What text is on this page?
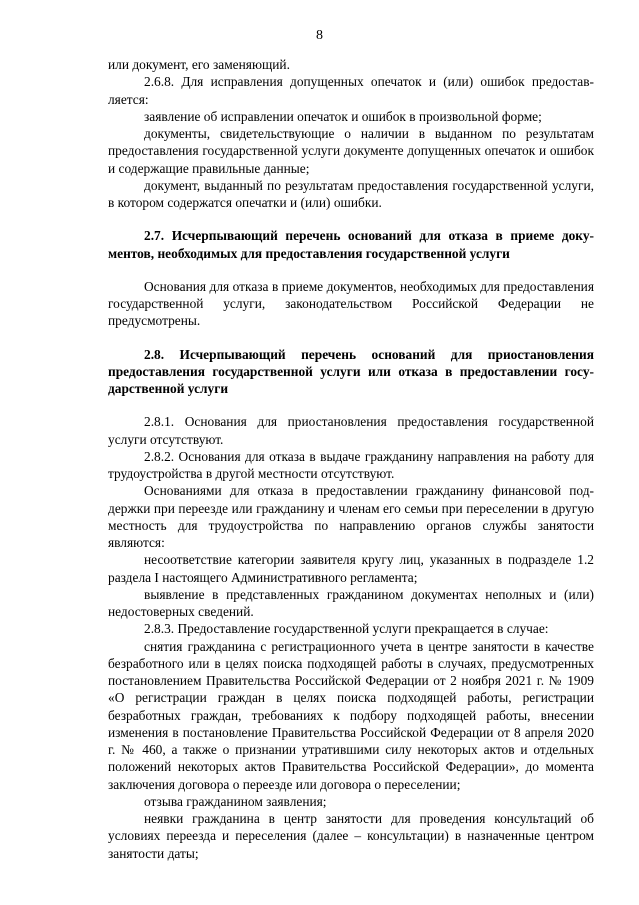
8

или документ, его заменяющий.

2.6.8. Для исправления допущенных опечаток и (или) ошибок предоставляется:

заявление об исправлении опечаток и ошибок в произвольной форме;

документы, свидетельствующие о наличии в выданном по результатам предоставления государственной услуги документе допущенных опечаток и ошибок и содержащие правильные данные;

документ, выданный по результатам предоставления государственной услуги, в котором содержатся опечатки и (или) ошибки.

2.7. Исчерпывающий перечень оснований для отказа в приеме документов, необходимых для предоставления государственной услуги

Основания для отказа в приеме документов, необходимых для предоставления государственной услуги, законодательством Российской Федерации не предусмотрены.

2.8. Исчерпывающий перечень оснований для приостановления предоставления государственной услуги или отказа в предоставлении государственной услуги

2.8.1. Основания для приостановления предоставления государственной услуги отсутствуют.

2.8.2. Основания для отказа в выдаче гражданину направления на работу для трудоустройства в другой местности отсутствуют.

Основаниями для отказа в предоставлении гражданину финансовой поддержки при переезде или гражданину и членам его семьи при переселении в другую местность для трудоустройства по направлению органов службы занятости являются:

несоответствие категории заявителя кругу лиц, указанных в подразделе 1.2 раздела I настоящего Административного регламента;

выявление в представленных гражданином документах неполных и (или) недостоверных сведений.

2.8.3. Предоставление государственной услуги прекращается в случае:

снятия гражданина с регистрационного учета в центре занятости в качестве безработного или в целях поиска подходящей работы в случаях, предусмотренных постановлением Правительства Российской Федерации от 2 ноября 2021 г. № 1909 «О регистрации граждан в целях поиска подходящей работы, регистрации безработных граждан, требованиях к подбору подходящей работы, внесении изменения в постановление Правительства Российской Федерации от 8 апреля 2020 г. № 460, а также о признании утратившими силу некоторых актов и отдельных положений некоторых актов Правительства Российской Федерации», до момента заключения договора о переезде или договора о переселении;

отзыва гражданином заявления;

неявки гражданина в центр занятости для проведения консультаций об условиях переезда и переселения (далее – консультации) в назначенные центром занятости даты;
